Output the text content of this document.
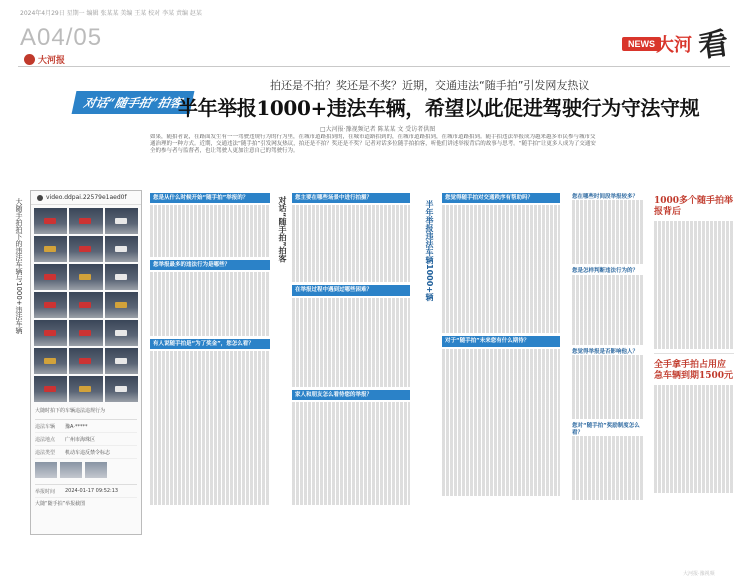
2024年4月29日 星期一 编辑 张某某 美编 王某 校对 李某 责编 赵某
A04/05
大河报
NEWS 大河 看
拍还是不拍？奖还是不奖？近期，交通违法“随手拍”引发网友热议
对话“随手拍”拍客
半年举报1000+违法车辆，希望以此促进驾驶行为守法守规
□大河报·豫视频记者 陈某某 文 受访者供图
如果，随拍者说，在路面发生有一一驾驶违规行为的行为里，在城市道路拍到的，在城市道路拍到的，在城市道路拍到，在城市道路拍到。随手拍违法举报成为越来越多市民参与城市交通治理的一种方式。近期，交通违法“随手拍”引发网友热议，拍还是不拍？奖还是不奖？记者对话多位随手拍拍客，听他们讲述举报背后的故事与思考。“随手拍”让更多人成为了交通安全的参与者与监督者，也让驾驶人更加注意自己的驾驶行为。
大随手拍拍下的违法车辆与1000+违法车辆
video.ddpai.22579e1aed0f
大随时拍下的车辆违法违规行为
违法车辆	豫A·*****
违法地点	广州市海珠区
违法类型	机动车违反禁令标志
举报时间	2024-01-17 09:52:13
大随“随手拍”举报截图
您是从什么时候开始“随手拍”举报的？
您举报最多的违法行为是哪些？
有人说随手拍是“为了奖金”，您怎么看？
对话“随手拍”拍客	您主要在哪些场景中进行拍摄？
在举报过程中遇到过哪些困难？
家人和朋友怎么看待您的举报？
半年举报违法车辆1000+辆
您觉得随手拍对交通秩序有帮助吗？
对于“随手拍”未来您有什么期待？
您在哪些时间段举报较多？
您是怎样判断违法行为的？
您觉得举报是否影响他人？
您对“随手拍”奖励制度怎么看？
1000多个随手拍举报背后
全手拿手拍占用应急车辆到期1500元
大河报·豫视频
